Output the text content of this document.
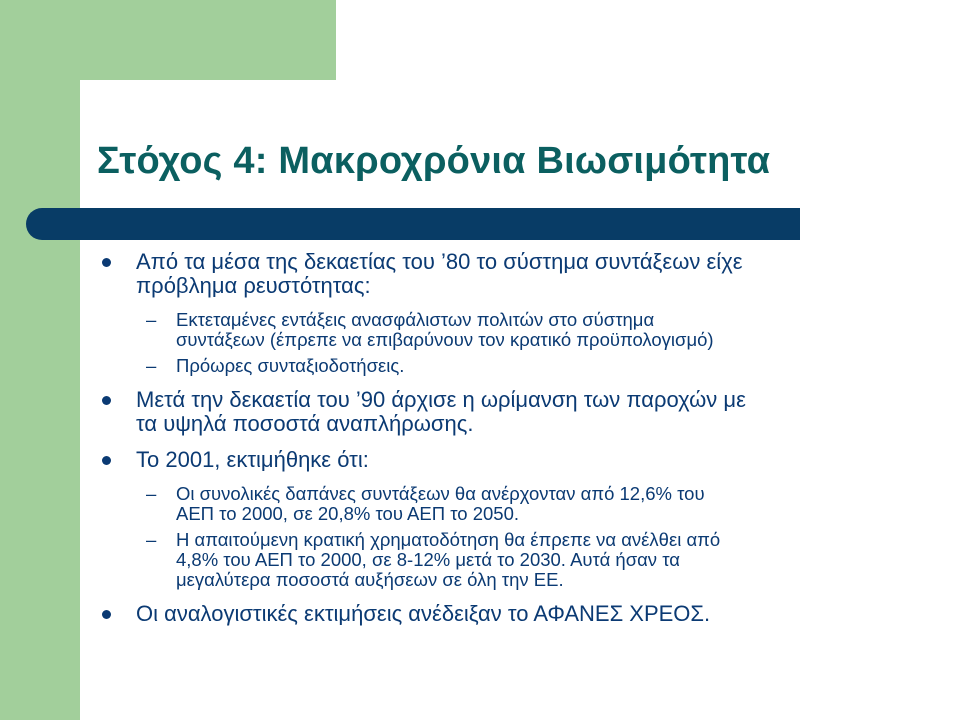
Στόχος 4: Μακροχρόνια Βιωσιμότητα
Από τα μέσα της δεκαετίας του ’80 το σύστημα συντάξεων είχε
πρόβλημα ρευστότητας:
– Εκτεταμένες εντάξεις ανασφάλιστων πολιτών στο σύστημα
συντάξεων (έπρεπε να επιβαρύνουν τον κρατικό προϋπολογισμό)
– Πρόωρες συνταξιοδοτήσεις.
Μετά την δεκαετία του ’90 άρχισε η ωρίμανση των παροχών με
τα υψηλά ποσοστά αναπλήρωσης.
Το 2001, εκτιμήθηκε ότι:
– Οι συνολικές δαπάνες συντάξεων θα ανέρχονταν από 12,6% του
ΑΕΠ το 2000, σε 20,8% του ΑΕΠ το 2050.
– Η απαιτούμενη κρατική χρηματοδότηση θα έπρεπε να ανέλθει από
4,8% του ΑΕΠ το 2000, σε 8-12% μετά το 2030. Αυτά ήσαν τα
μεγαλύτερα ποσοστά αυξήσεων σε όλη την ΕΕ.
Οι αναλογιστικές εκτιμήσεις ανέδειξαν το ΑΦΑΝΕΣ ΧΡΕΟΣ.
